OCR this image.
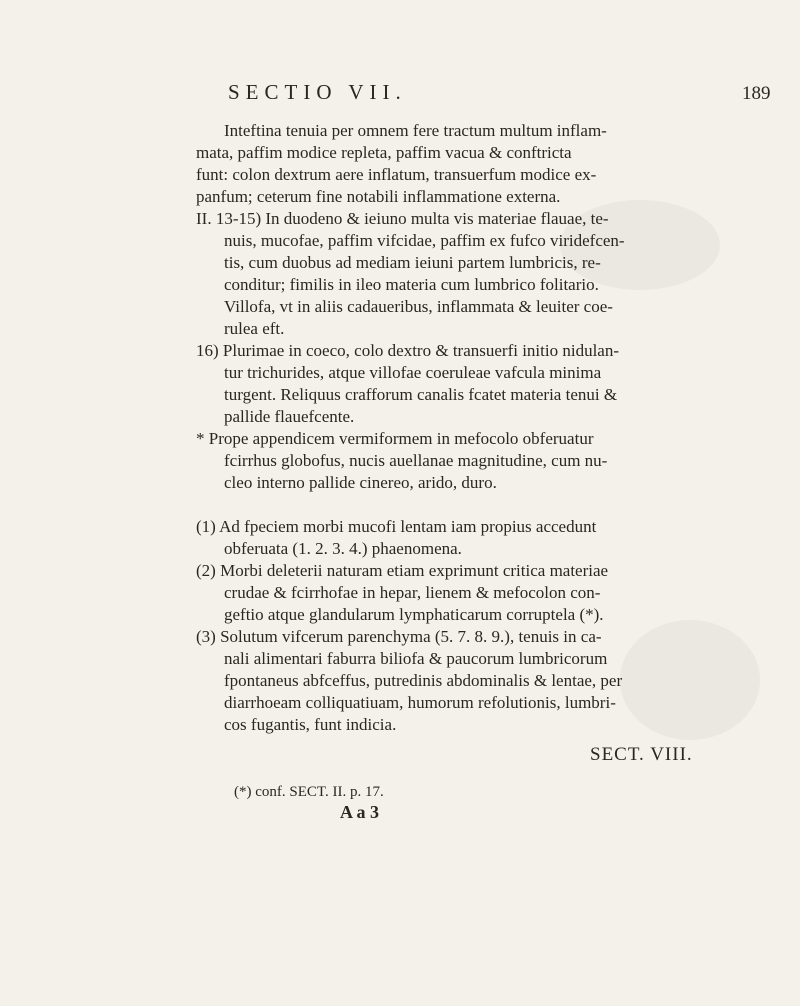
SECTIO VII.	189

Inteftina tenuia per omnem fere tractum multum inflam-

mata, paffim modice repleta, paffim vacua & conftricta

funt: colon dextrum aere inflatum, transuerfum modice ex-

panfum; ceterum fine notabili inflammatione externa.

II. 13-15) In duodeno & ieiuno multa vis materiae flauae, te-

nuis, mucofae, paffim vifcidae, paffim ex fufco viridefcen-

tis, cum duobus ad mediam ieiuni partem lumbricis, re-

conditur; fimilis in ileo materia cum lumbrico folitario.

Villofa, vt in aliis cadaueribus, inflammata & leuiter coe-

rulea eft.

16) Plurimae in coeco, colo dextro & transuerfi initio nidulan-

tur trichurides, atque villofae coeruleae vafcula minima

turgent. Reliquus crafforum canalis fcatet materia tenui &

pallide flauefcente.

* Prope appendicem vermiformem in mefocolo obferuatur

fcirrhus globofus, nucis auellanae magnitudine, cum nu-

cleo interno pallide cinereo, arido, duro.

(1) Ad fpeciem morbi mucofi lentam iam propius accedunt

obferuata (1. 2. 3. 4.) phaenomena.

(2) Morbi deleterii naturam etiam exprimunt critica materiae

crudae & fcirrhofae in hepar, lienem & mefocolon con-

geftio atque glandularum lymphaticarum corruptela (*).

(3) Solutum vifcerum parenchyma (5. 7. 8. 9.), tenuis in ca-

nali alimentari faburra biliofa & paucorum lumbricorum

fpontaneus abfceffus, putredinis abdominalis & lentae, per

diarrhoeam colliquatiuam, humorum refolutionis, lumbri-

cos fugantis, funt indicia.

SECT. VIII.
(*) conf. SECT. II. p. 17.
A a 3
